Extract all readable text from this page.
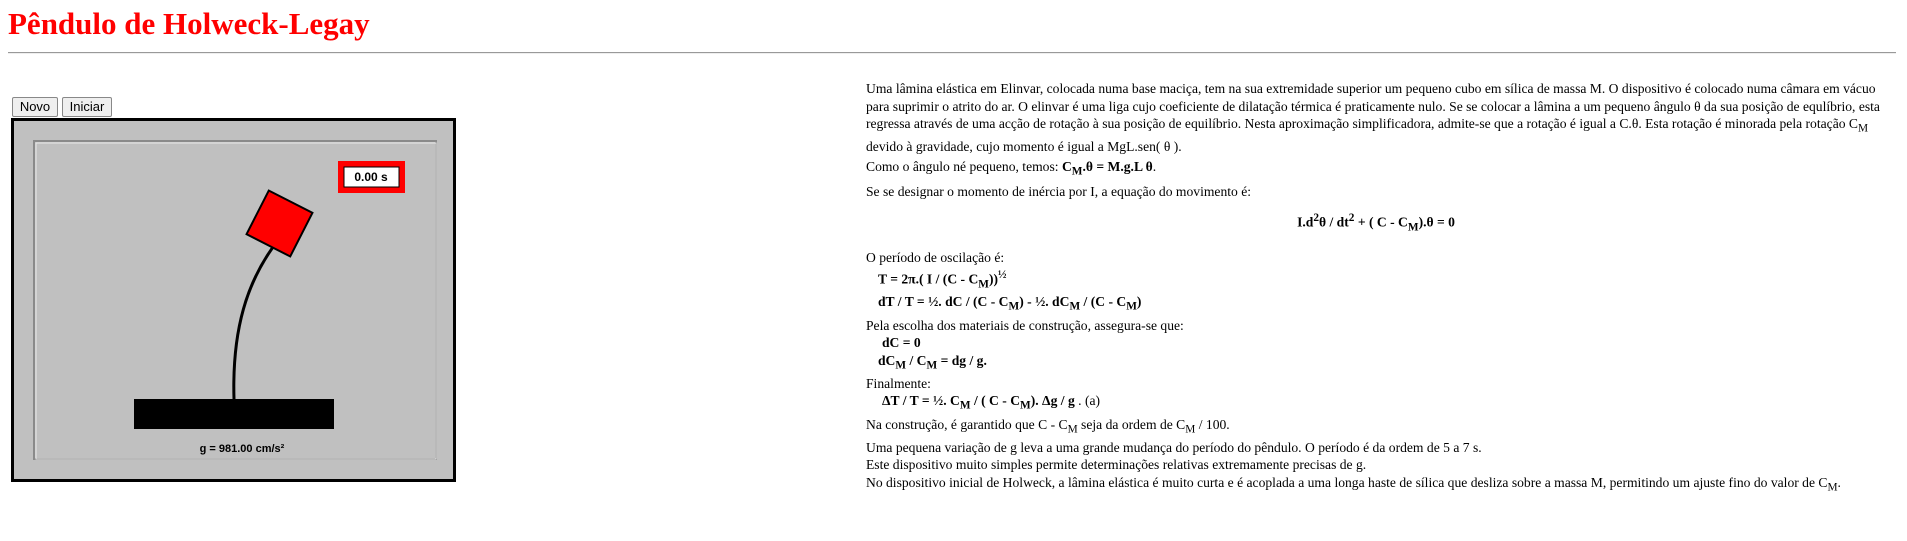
Pêndulo de Holweck-Legay
Novo	Iniciar
0.00 s
g = 981.00 cm/s²

Uma lâmina elástica em Elinvar, colocada numa base maciça, tem na sua extremidade superior um pequeno cubo em sílica de massa M. O dispositivo é colocado numa câmara em vácuo para suprimir o atrito do ar. O elinvar é uma liga cujo coeficiente de dilatação térmica é praticamente nulo. Se se colocar a lâmina a um pequeno ângulo θ da sua posição de equlíbrio, esta regressa através de uma acção de rotação à sua posição de equilíbrio. Nesta aproximação simplificadora, admite-se que a rotação é igual a C.θ. Esta rotação é minorada pela rotação $C_M$ devido à gravidade, cujo momento é igual a MgL.sen( θ ).

Como o ângulo né pequeno, temos: $C_M.\theta = M.g.L$ θ.

Se se designar o momento de inércia por I, a equação do movimento é:

$I.d^2\theta / dt^2$ + ( $C - C_M).\theta = 0$

O período de oscilação é:

T = 2π.( I / $(C - C_M))^{\frac{1}{2}}$

dT / T = ½. dC / $(C - C_M)$ - ½. $dC_M / (C - C_M)$

Pela escolha dos materiais de construção, assegura-se que:

dC = 0

$dC_M / C_M$ = dg / g.

Finalmente:

ΔT / T = ½. $C_M$ / ( C - $C_M$). Δg / g . (a)

Na construção, é garantido que C - $C_M$ seja da ordem de $C_M / 100$.

Uma pequena variação de g leva a uma grande mudança do período do pêndulo. O período é da ordem de 5 a 7 s.

Este dispositivo muito simples permite determinações relativas extremamente precisas de g.

No dispositivo inicial de Holweck, a lâmina elástica é muito curta e é acoplada a uma longa haste de sílica que desliza sobre a massa M, permitindo um ajuste fino do valor de $C_M$.
